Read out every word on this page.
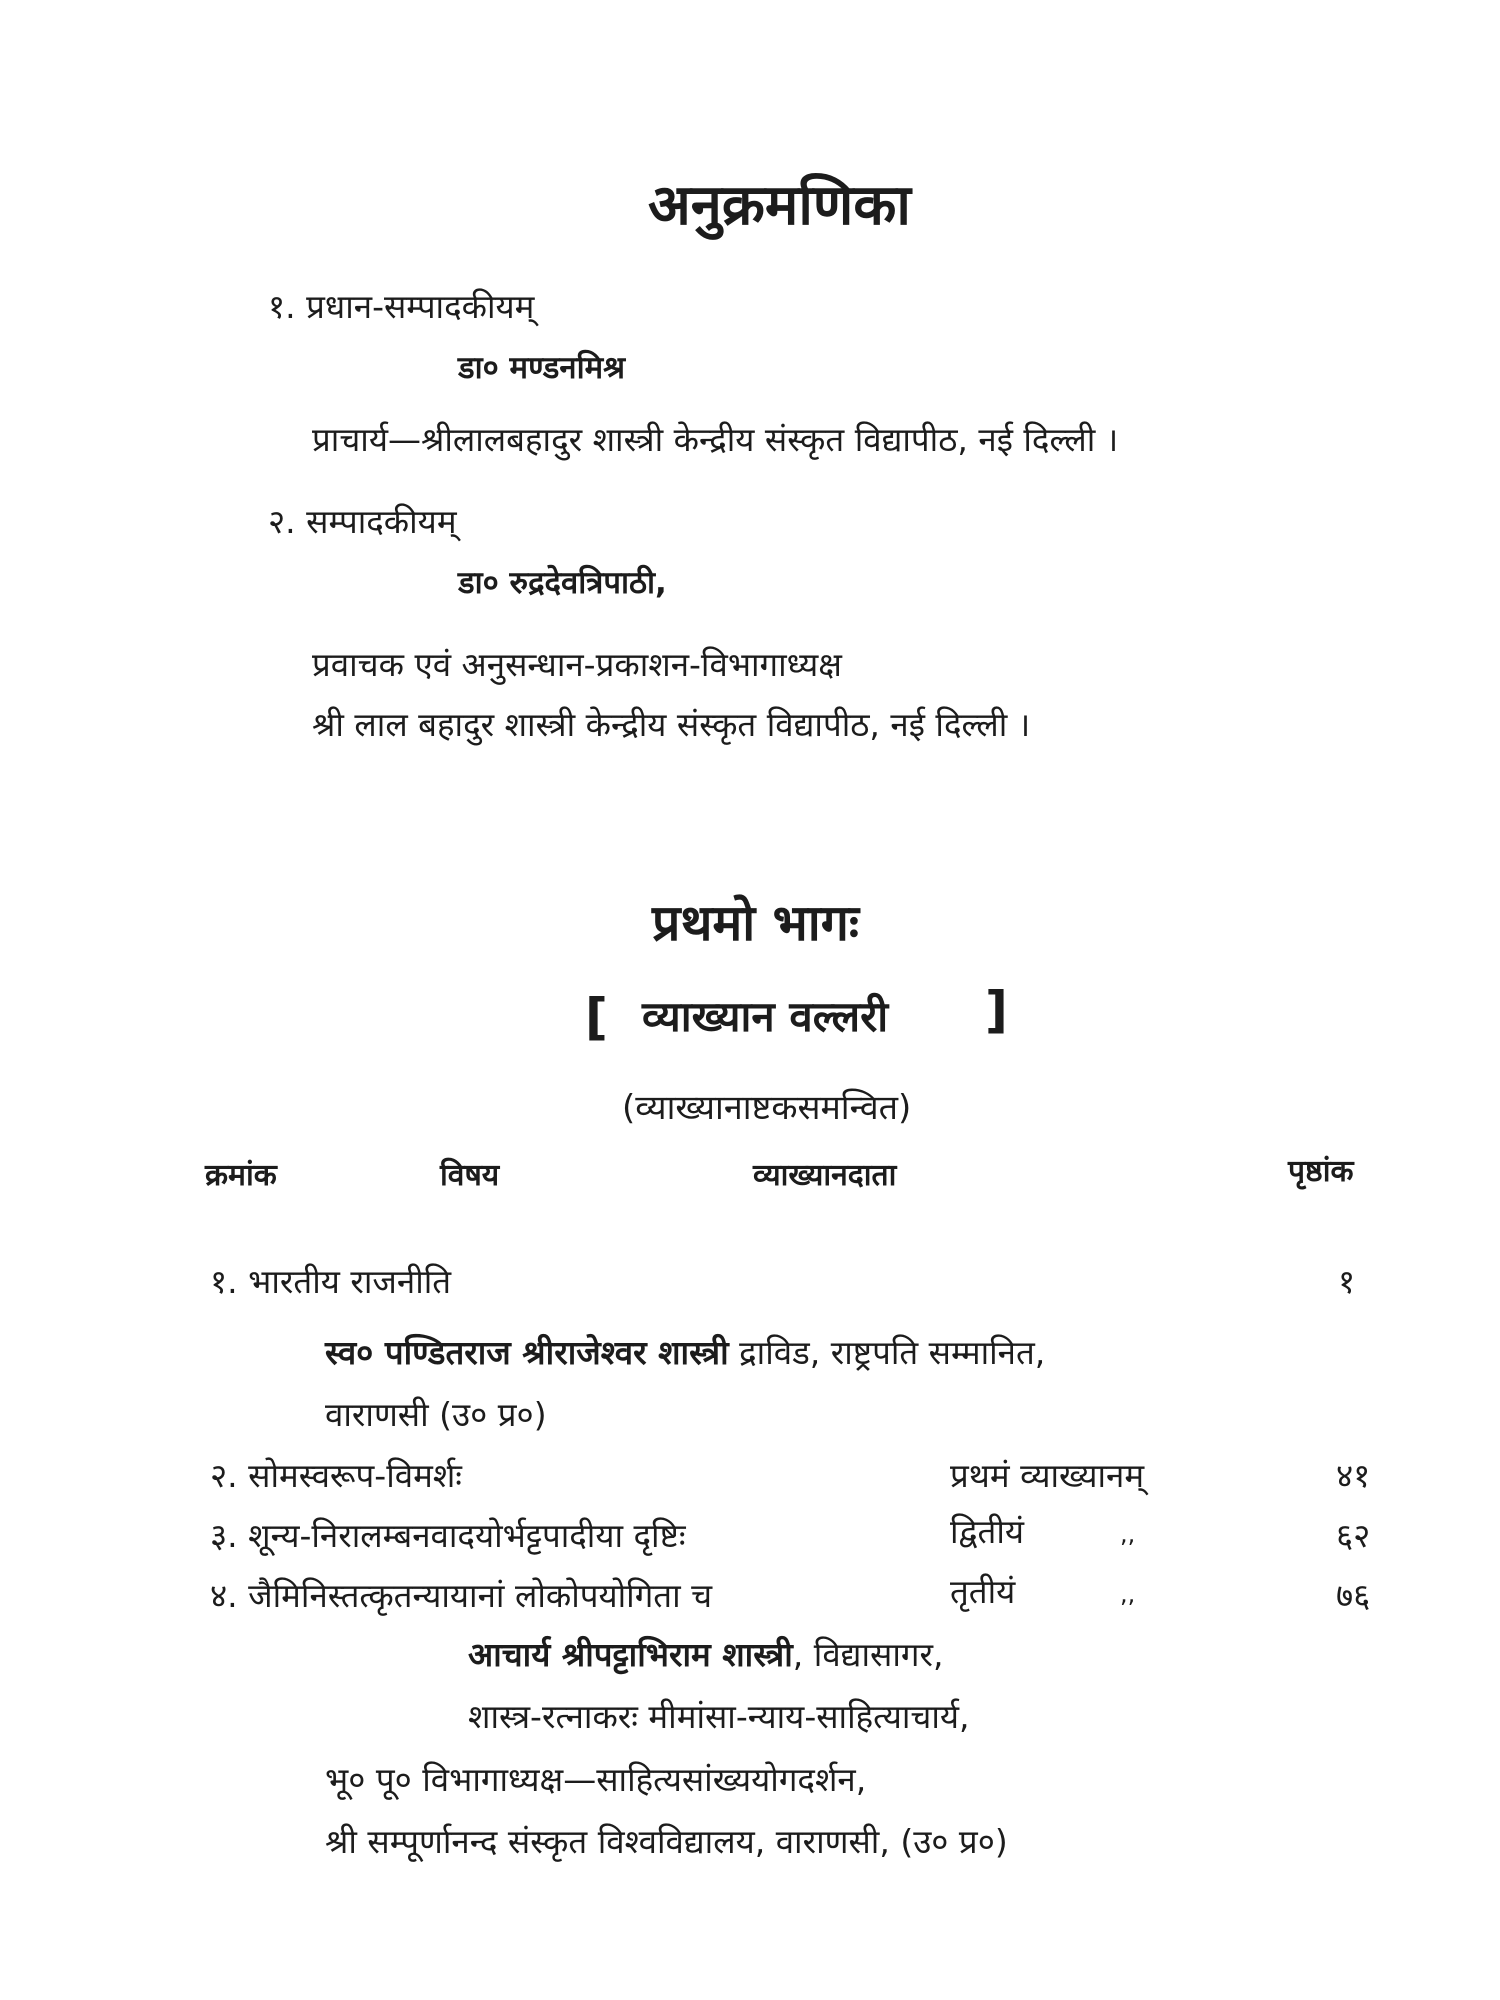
अनुक्रमणिका
१. प्रधान-सम्पादकीयम्
डा० मण्डनमिश्र
प्राचार्य—श्रीलालबहादुर शास्त्री केन्द्रीय संस्कृत विद्यापीठ, नई दिल्ली ।
२. सम्पादकीयम्
डा० रुद्रदेवत्रिपाठी,
प्रवाचक एवं अनुसन्धान-प्रकाशन-विभागाध्यक्ष
श्री लाल बहादुर शास्त्री केन्द्रीय संस्कृत विद्यापीठ, नई दिल्ली ।
प्रथमो भागः
[ व्याख्यान वल्लरी ]
(व्याख्यानाष्टकसमन्वित)
क्रमांक	विषय	व्याख्यानदाता	पृष्ठांक
१. भारतीय राजनीति	१
स्व० पण्डितराज श्रीराजेश्वर शास्त्री द्राविड, राष्ट्रपति सम्मानित,
वाराणसी (उ० प्र०)
२. सोमस्वरूप-विमर्शः	प्रथमं व्याख्यानम्	४१
३. शून्य-निरालम्बनवादयोर्भट्टपादीया दृष्टिः	द्वितीयं	,,	६२
४. जैमिनिस्तत्कृतन्यायानां लोकोपयोगिता च	तृतीयं	,,	७६
आचार्य श्रीपट्टाभिराम शास्त्री, विद्यासागर,
शास्त्र-रत्नाकरः मीमांसा-न्याय-साहित्याचार्य,
भू० पू० विभागाध्यक्ष—साहित्यसांख्ययोगदर्शन,
श्री सम्पूर्णानन्द संस्कृत विश्वविद्यालय, वाराणसी, (उ० प्र०)
